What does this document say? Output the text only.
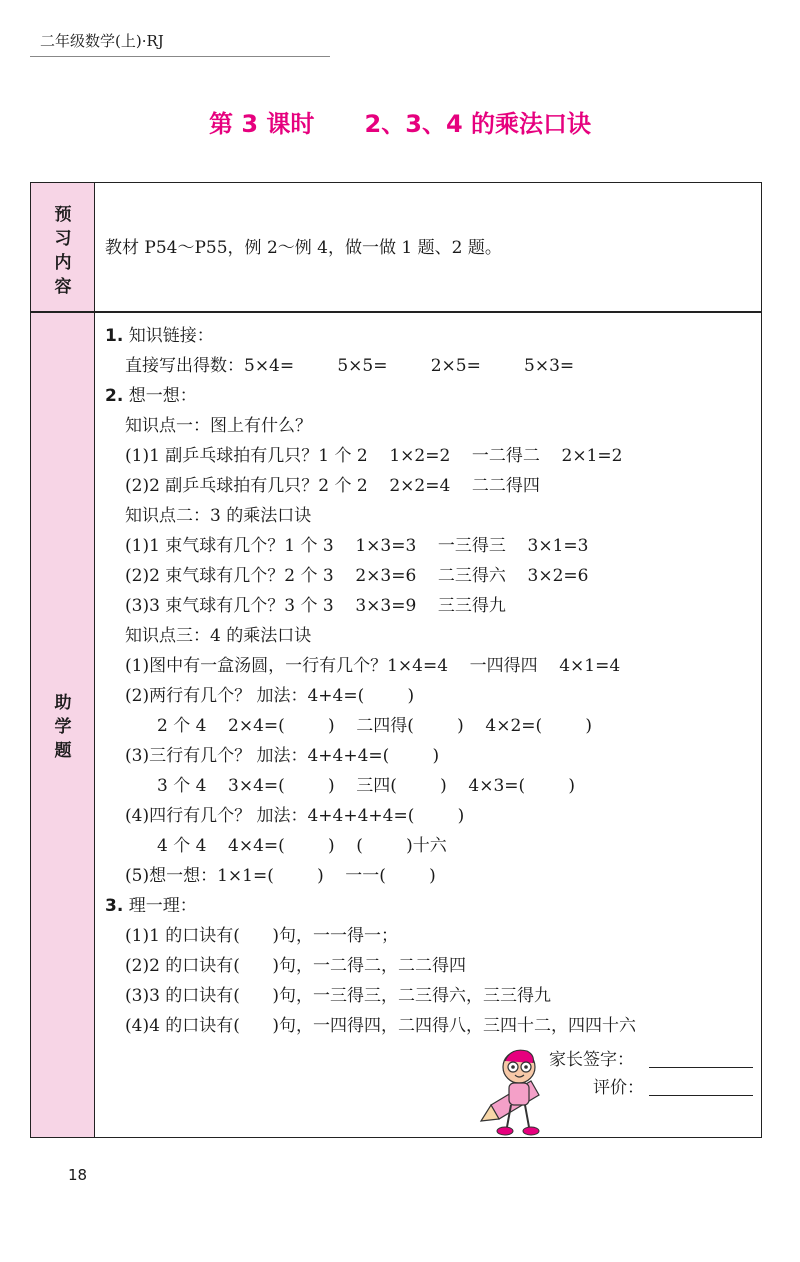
二年级数学(上)·RJ
第 3 课时 2、3、4 的乘法口诀
预
习
内
容
教材 P54～P55，例 2～例 4，做一做 1 题、2 题。
助
学
题
1. 知识链接：
直接写出得数：5×4=        5×5=        2×5=        5×3=
2. 想一想：
知识点一：图上有什么？
(1)1 副乒乓球拍有几只？1 个 2    1×2=2    一二得二    2×1=2
(2)2 副乒乓球拍有几只？2 个 2    2×2=4    二二得四
知识点二：3 的乘法口诀
(1)1 束气球有几个？1 个 3    1×3=3    一三得三    3×1=3
(2)2 束气球有几个？2 个 3    2×3=6    二三得六    3×2=6
(3)3 束气球有几个？3 个 3    3×3=9    三三得九
知识点三：4 的乘法口诀
(1)图中有一盒汤圆，一行有几个？1×4=4    一四得四    4×1=4
(2)两行有几个？ 加法：4+4=(        )
2 个 4    2×4=(        )    二四得(        )    4×2=(        )
(3)三行有几个？ 加法：4+4+4=(        )
3 个 4    3×4=(        )    三四(        )    4×3=(        )
(4)四行有几个？ 加法：4+4+4+4=(        )
4 个 4    4×4=(        )    (        )十六
(5)想一想：1×1=(        )    一一(        )
3. 理一理：
(1)1 的口诀有(      )句，一一得一；
(2)2 的口诀有(      )句，一二得二，二二得四
(3)3 的口诀有(      )句，一三得三，二三得六，三三得九
(4)4 的口诀有(      )句，一四得四，二四得八，三四十二，四四十六
家长签字：
评价：
18
